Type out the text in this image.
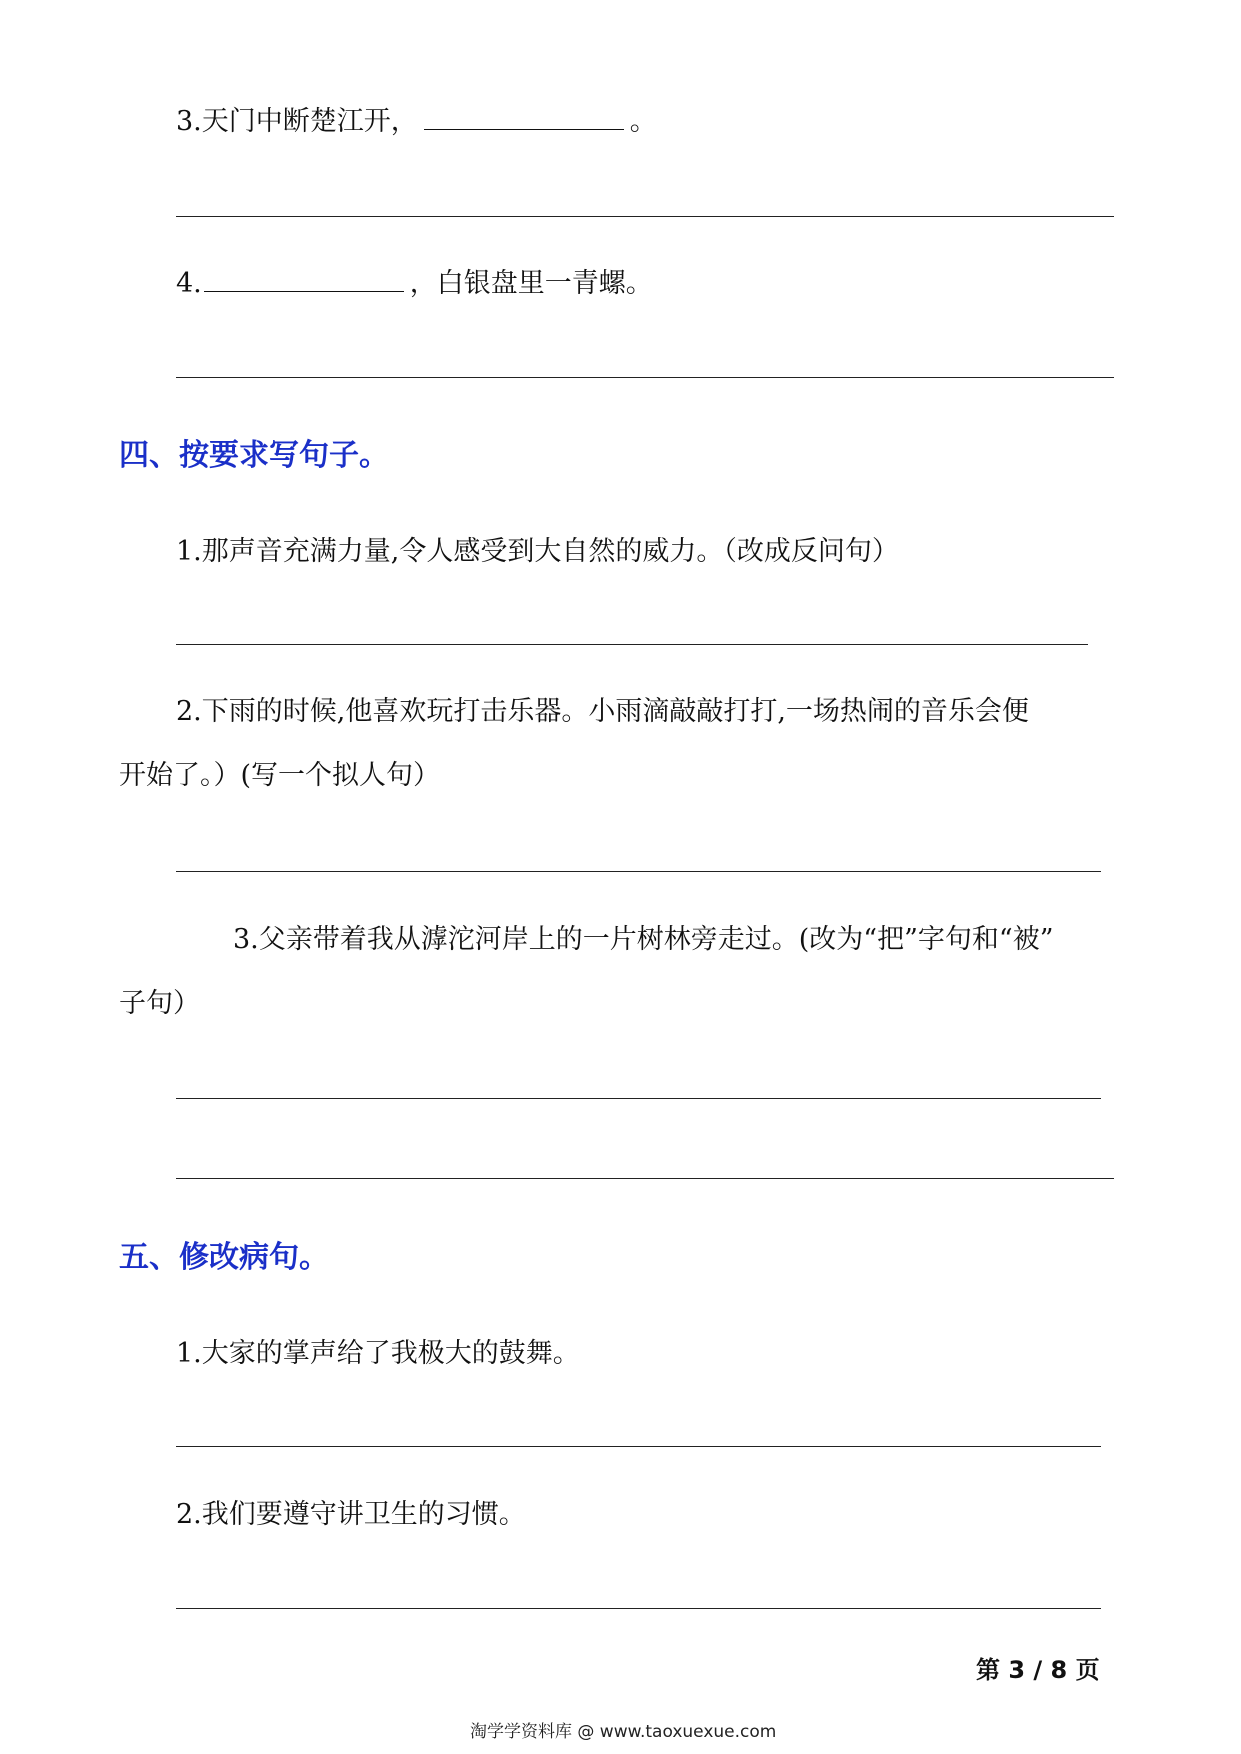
3.天门中断楚江开，	。
4.	，白银盘里一青螺。
四、按要求写句子。
1.那声音充满力量,令人感受到大自然的威力。（改成反问句）
2.下雨的时候,他喜欢玩打击乐器。小雨滴敲敲打打,一场热闹的音乐会便
开始了。）(写一个拟人句）
3.父亲带着我从滹沱河岸上的一片树林旁走过。(改为“把”字句和“被”
子句）
五、修改病句。
1.大家的掌声给了我极大的鼓舞。
2.我们要遵守讲卫生的习惯。
第 3 / 8 页
淘学学资料库 @ www.taoxuexue.com
